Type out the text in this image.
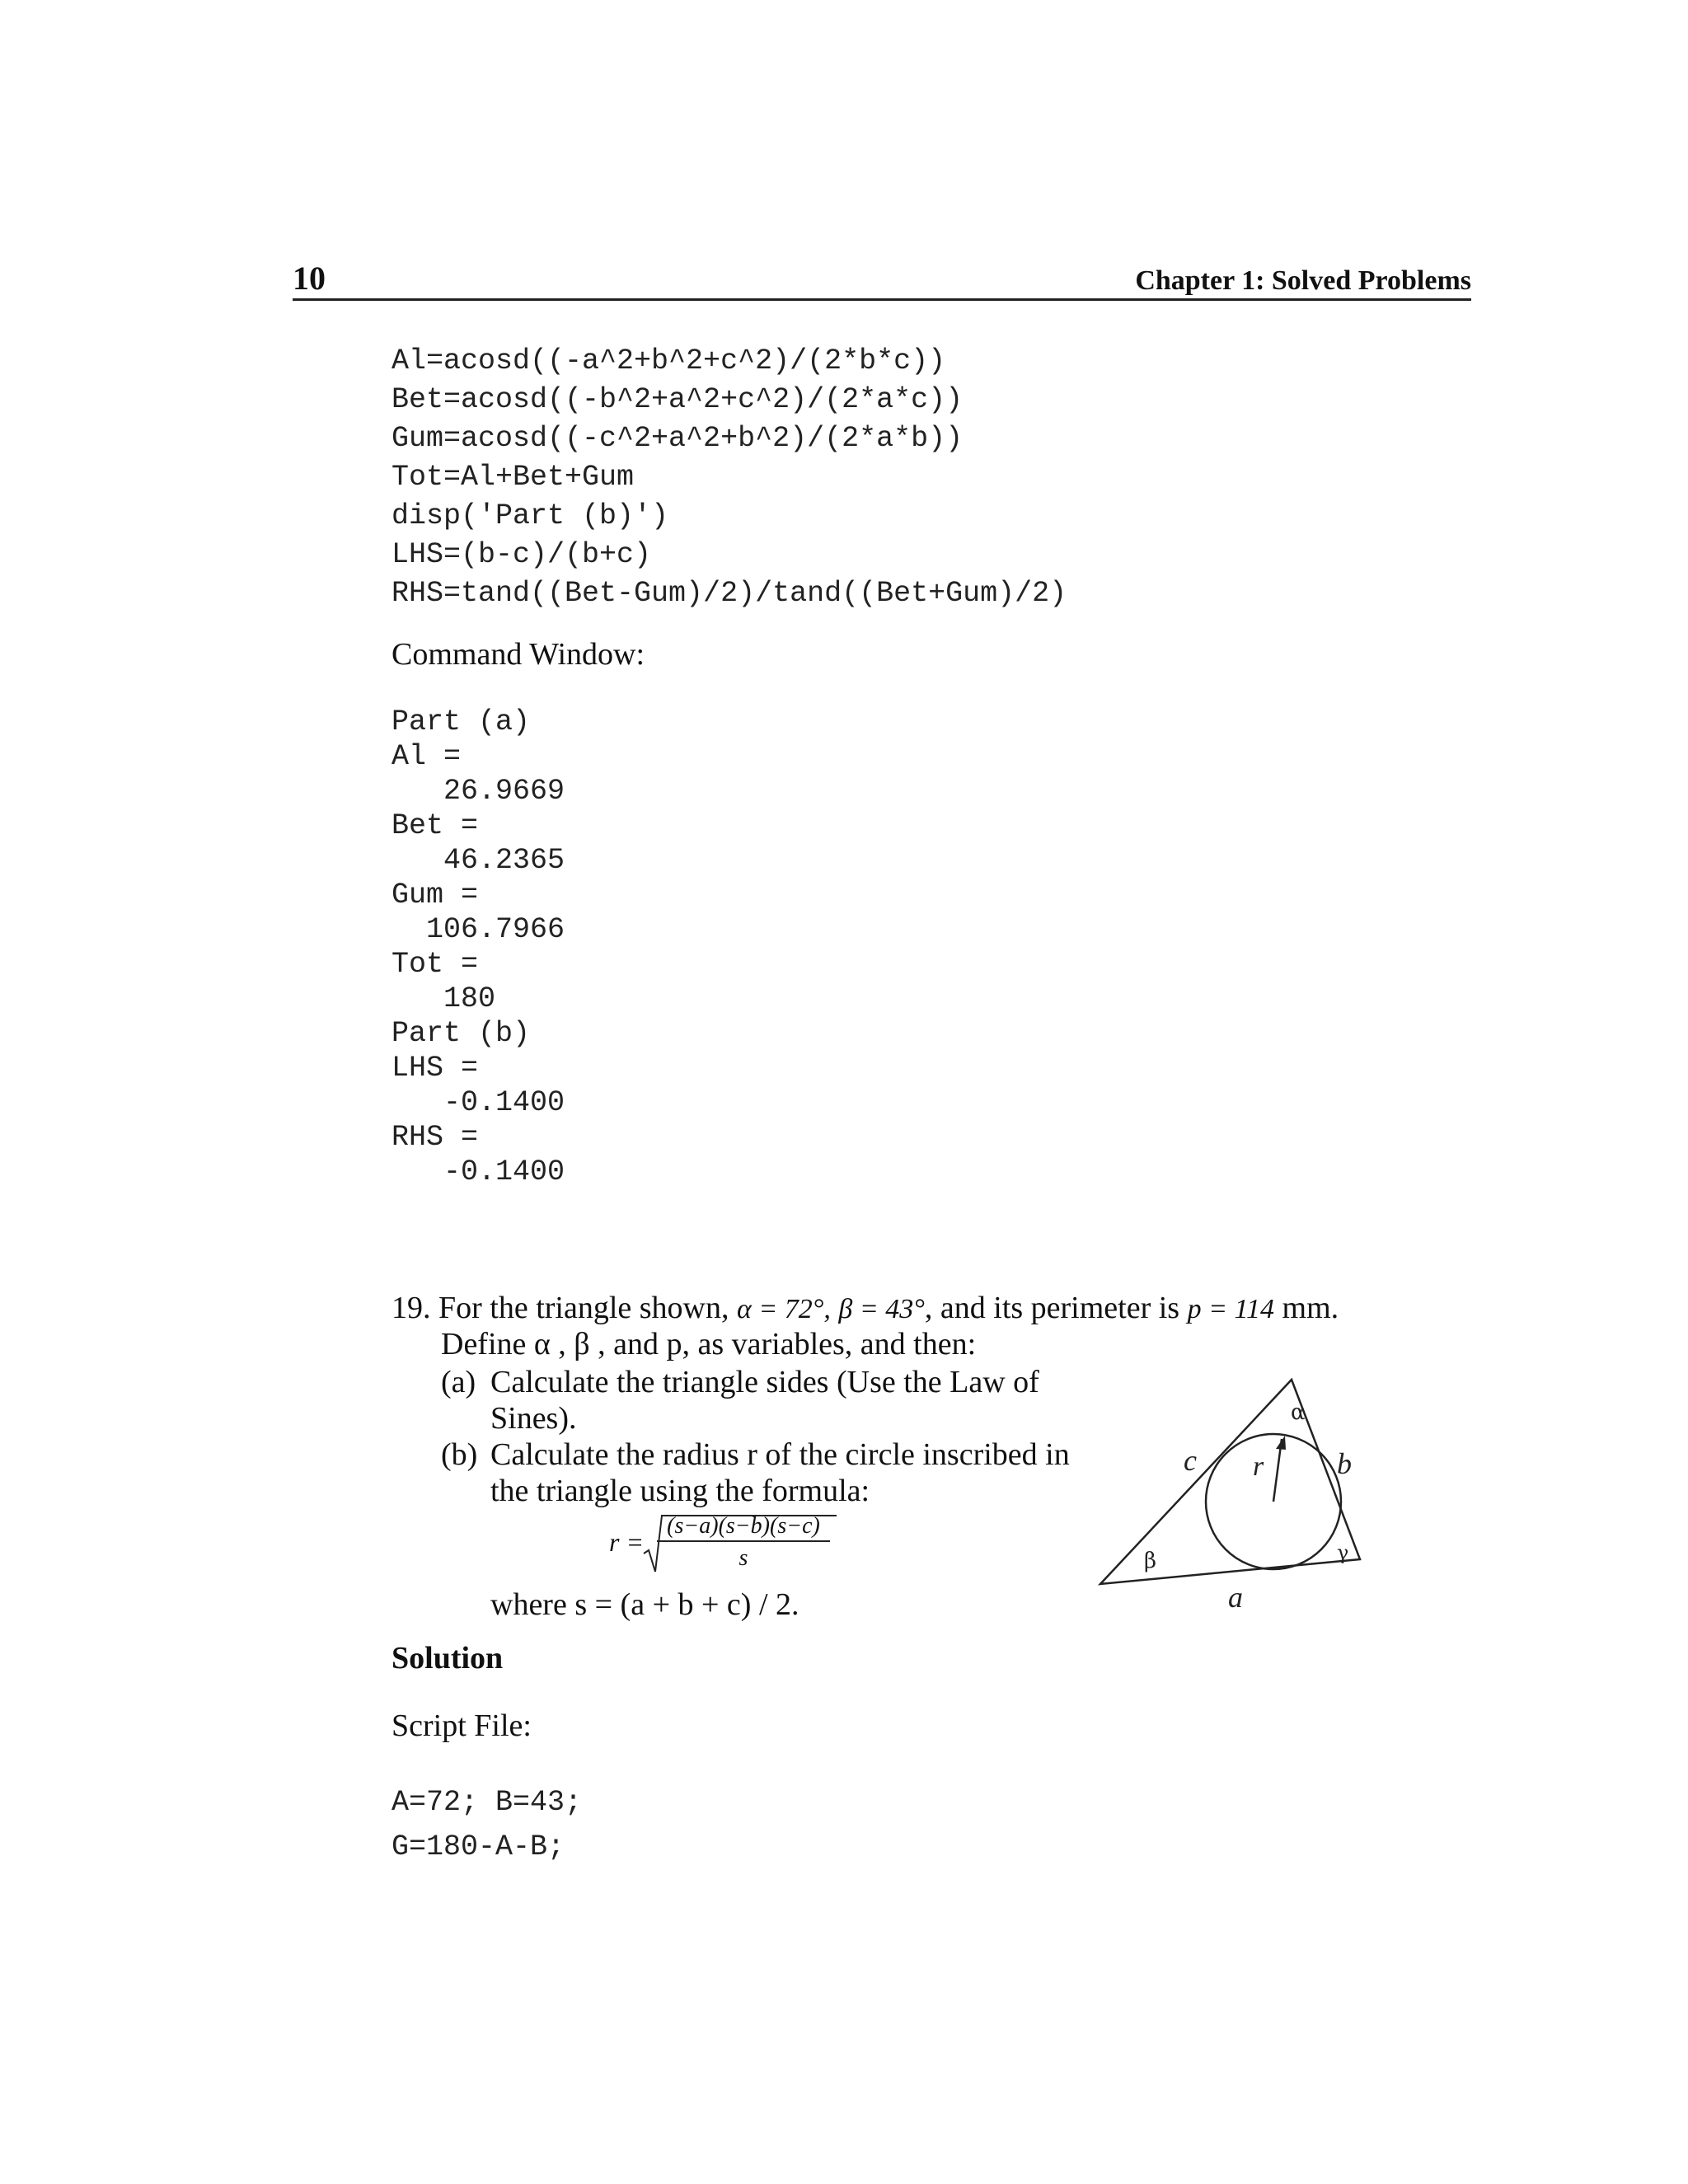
10	Chapter 1: Solved Problems
Al=acosd((-a^2+b^2+c^2)/(2*b*c))
Bet=acosd((-b^2+a^2+c^2)/(2*a*c))
Gum=acosd((-c^2+a^2+b^2)/(2*a*b))
Tot=Al+Bet+Gum
disp('Part (b)')
LHS=(b-c)/(b+c)
RHS=tand((Bet-Gum)/2)/tand((Bet+Gum)/2)
Command Window:
Part (a)
Al =
26.9669
Bet =
46.2365
Gum =
106.7966
Tot =
180
Part (b)
LHS =
-0.1400
RHS =
-0.1400
19. For the triangle shown, α = 72°, β = 43°, and its perimeter is p = 114 mm.
Define α , β , and p, as variables, and then:
(a) Calculate the triangle sides (Use the Law of
Sines).
(b) Calculate the radius r of the circle inscribed in
the triangle using the formula:
r =
(s−a)(s−b)(s−c)
s
where s = (a + b + c) / 2.
α
β	γ
a
b
c r
Solution
Script File:
A=72; B=43;
G=180-A-B;
